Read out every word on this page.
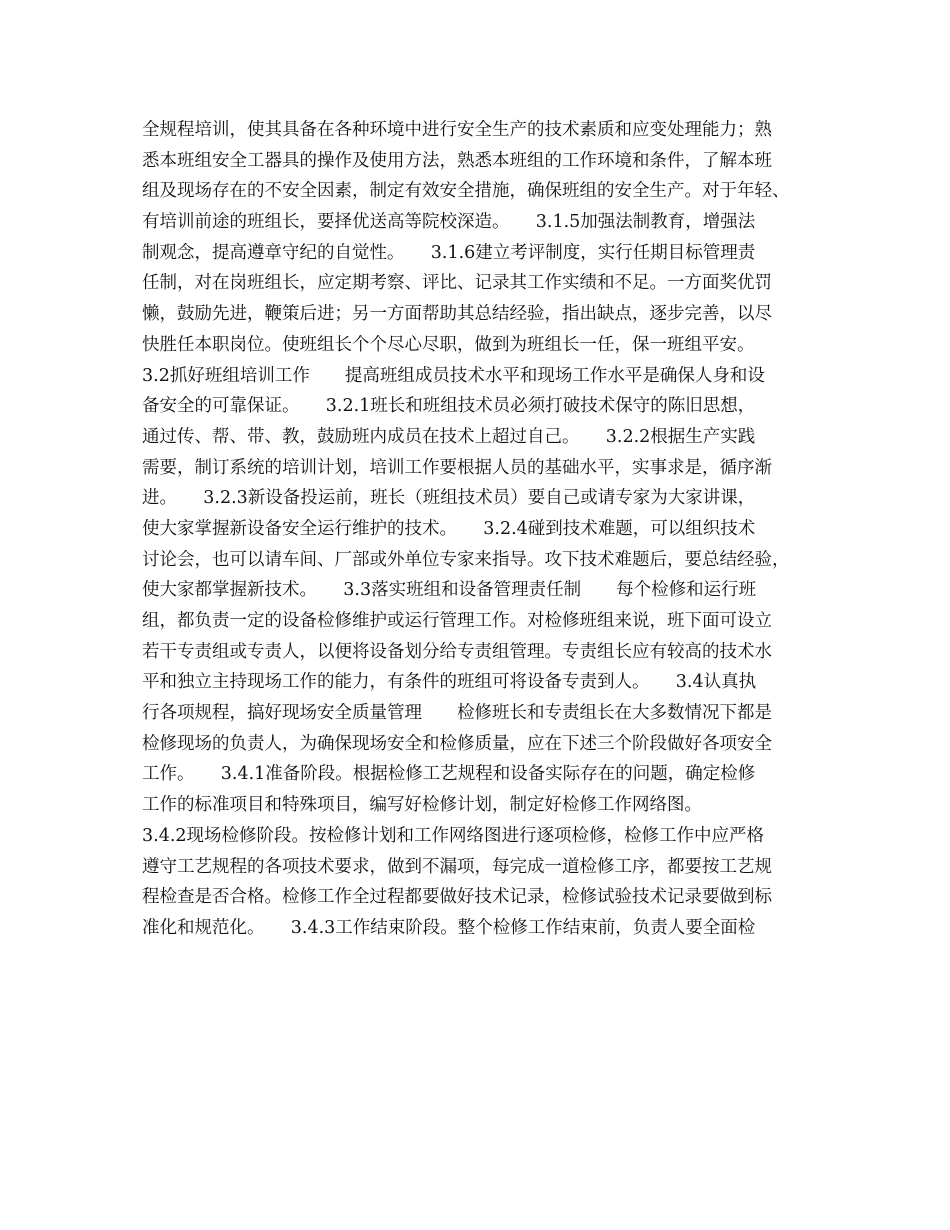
全规程培训，使其具备在各种环境中进行安全生产的技术素质和应变处理能力；熟
悉本班组安全工器具的操作及使用方法，熟悉本班组的工作环境和条件，了解本班
组及现场存在的不安全因素，制定有效安全措施，确保班组的安全生产。对于年轻、
有培训前途的班组长，要择优送高等院校深造。　　3.1.5加强法制教育，增强法
制观念，提高遵章守纪的自觉性。　　3.1.6建立考评制度，实行任期目标管理责
任制，对在岗班组长，应定期考察、评比、记录其工作实绩和不足。一方面奖优罚
懒，鼓励先进，鞭策后进；另一方面帮助其总结经验，指出缺点，逐步完善，以尽
快胜任本职岗位。使班组长个个尽心尽职，做到为班组长一任，保一班组平安。
3.2抓好班组培训工作　　提高班组成员技术水平和现场工作水平是确保人身和设
备安全的可靠保证。　　3.2.1班长和班组技术员必须打破技术保守的陈旧思想，
通过传、帮、带、教，鼓励班内成员在技术上超过自己。　　3.2.2根据生产实践
需要，制订系统的培训计划，培训工作要根据人员的基础水平，实事求是，循序渐
进。　　3.2.3新设备投运前，班长（班组技术员）要自己或请专家为大家讲课，
使大家掌握新设备安全运行维护的技术。　　3.2.4碰到技术难题，可以组织技术
讨论会，也可以请车间、厂部或外单位专家来指导。攻下技术难题后，要总结经验，
使大家都掌握新技术。　　3.3落实班组和设备管理责任制　　每个检修和运行班
组，都负责一定的设备检修维护或运行管理工作。对检修班组来说，班下面可设立
若干专责组或专责人，以便将设备划分给专责组管理。专责组长应有较高的技术水
平和独立主持现场工作的能力，有条件的班组可将设备专责到人。　　3.4认真执
行各项规程，搞好现场安全质量管理　　检修班长和专责组长在大多数情况下都是
检修现场的负责人，为确保现场安全和检修质量，应在下述三个阶段做好各项安全
工作。　　3.4.1准备阶段。根据检修工艺规程和设备实际存在的问题，确定检修
工作的标准项目和特殊项目，编写好检修计划，制定好检修工作网络图。
3.4.2现场检修阶段。按检修计划和工作网络图进行逐项检修，检修工作中应严格
遵守工艺规程的各项技术要求，做到不漏项，每完成一道检修工序，都要按工艺规
程检查是否合格。检修工作全过程都要做好技术记录，检修试验技术记录要做到标
准化和规范化。　　3.4.3工作结束阶段。整个检修工作结束前，负责人要全面检
